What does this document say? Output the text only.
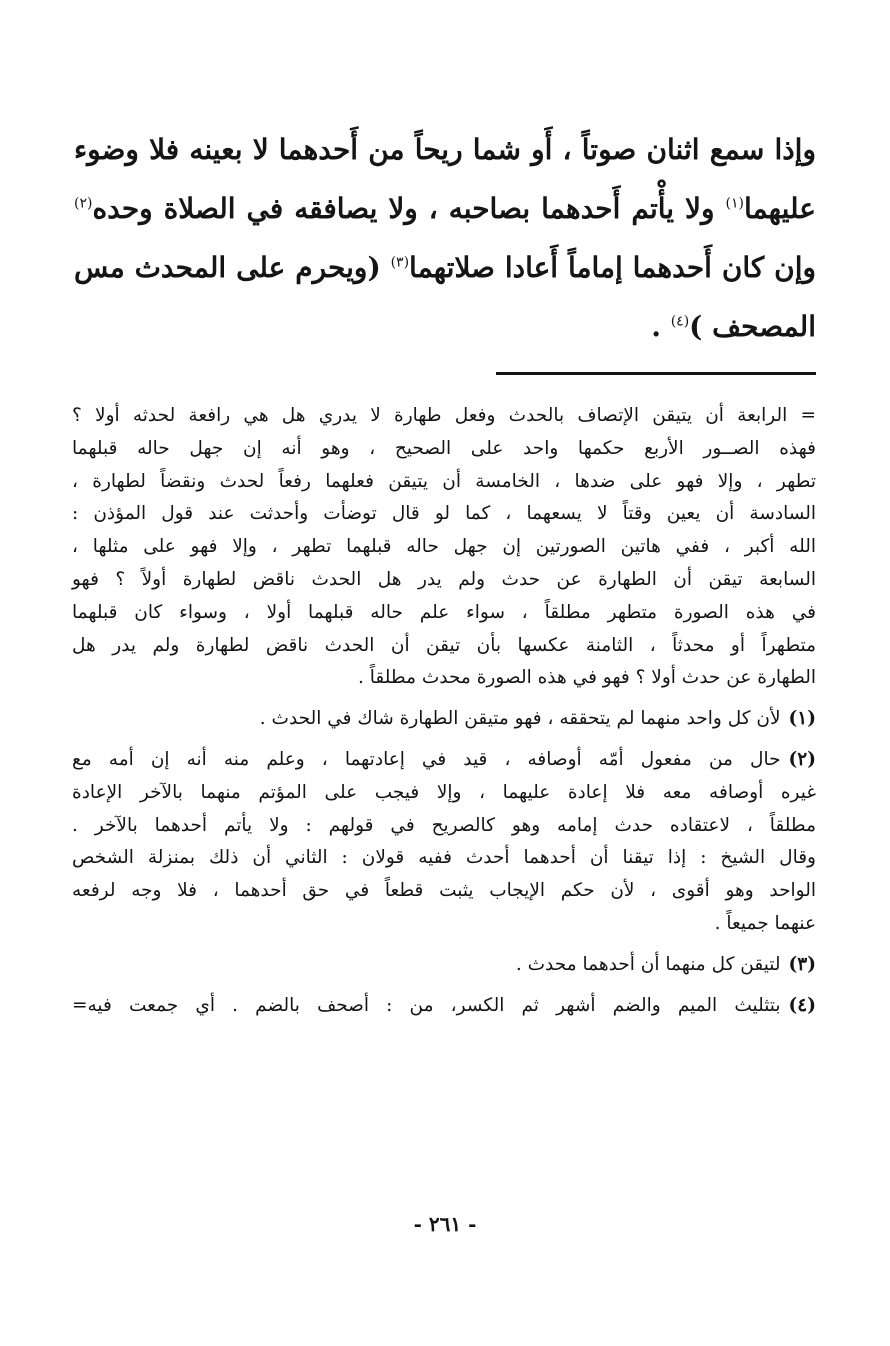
وإذا سمع اثنان صوتاً ، أَو شما ريحاً من أَحدهما لا بعينه فلا وضوء عليهما$^{(١)}$ ولا يأْتم أَحدهما بصاحبه ، ولا يصافقه في الصلاة وحده$^{(٢)}$ وإن كان أَحدهما إماماً أَعادا صلاتهما$^{(٣)}$ (ويحرم على المحدث مس المصحف )$^{(٤)}$ .
= الرابعة أن يتيقن الإتصاف بالحدث وفعل طهارة لا يدري هل هي رافعة لحدثه أولا ؟
فهذه الصــور الأربع حكمها واحد على الصحيح ، وهو أنه إن جهل حاله قبلهما
تطهر ، وإلا فهو على ضدها ، الخامسة أن يتيقن فعلهما رفعاً لحدث ونقضاً لطهارة ،
السادسة أن يعين وقتاً لا يسعهما ، كما لو قال توضأت وأحدثت عند قول المؤذن :
الله أكبر ، ففي هاتين الصورتين إن جهل حاله قبلهما تطهر ، وإلا فهو على مثلها ،
السابعة تيقن أن الطهارة عن حدث ولم يدر هل الحدث ناقض لطهارة أولاً ؟ فهو
في هذه الصورة متطهر مطلقاً ، سواء علم حاله قبلهما أولا ، وسواء كان قبلهما
متطهراً أو محدثاً ، الثامنة عكسها بأن تيقن أن الحدث ناقض لطهارة ولم يدر هل
الطهارة عن حدث أولا ؟ فهو في هذه الصورة محدث مطلقاً .
(١)لأن كل واحد منهما لم يتحققه ، فهو متيقن الطهارة شاك في الحدث .
(٢)حال من مفعول أمّه أوصافه ، قيد في إعادتهما ، وعلم منه أنه إن أمه مع
غيره أوصافه معه فلا إعادة عليهما ، وإلا فيجب على المؤتم منهما بالآخر الإعادة
مطلقاً ، لاعتقاده حدث إمامه وهو كالصريح في قولهم : ولا يأتم أحدهما بالآخر .
وقال الشيخ : إذا تيقنا أن أحدهما أحدث ففيه قولان : الثاني أن ذلك بمنزلة الشخص
الواحد وهو أقوى ، لأن حكم الإيجاب يثبت قطعاً في حق أحدهما ، فلا وجه لرفعه
عنهما جميعاً .
(٣)لتيقن كل منهما أن أحدهما محدث .
(٤)بتثليث الميم والضم أشهر ثم الكسر، من : أصحف بالضم . أي جمعت فيه=
- ٢٦١ -
